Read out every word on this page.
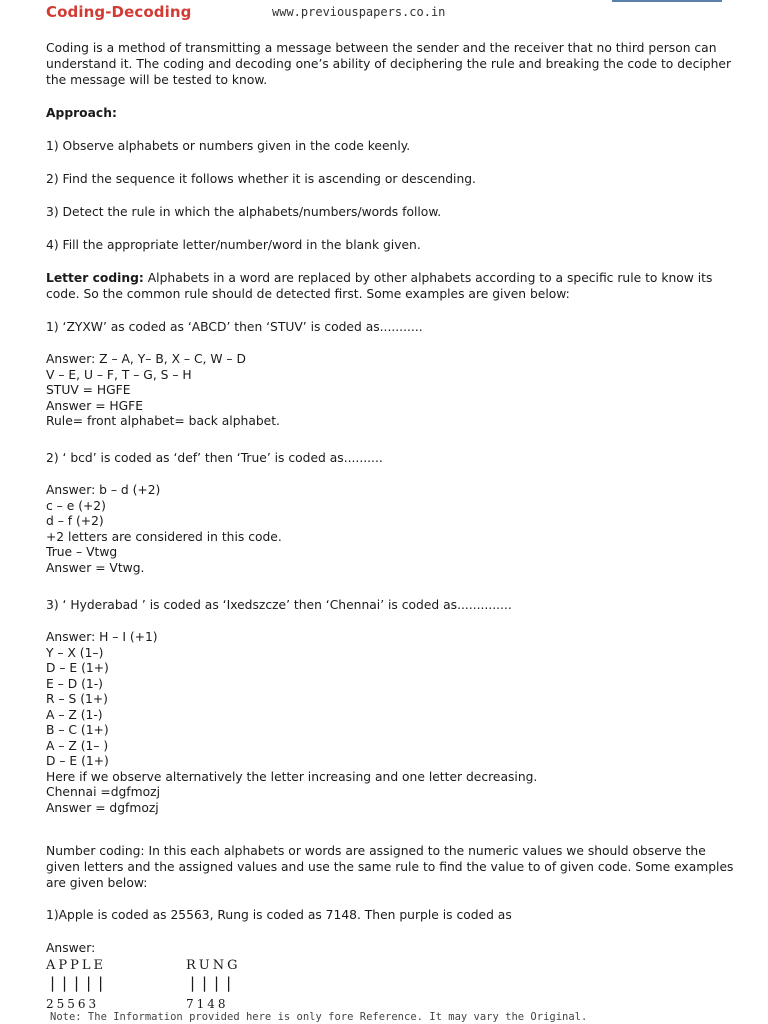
Coding-Decoding	www.previouspapers.co.in
Coding is a method of transmitting a message between the sender and the receiver that no third person can understand it. The coding and decoding one’s ability of deciphering the rule and breaking the code to decipher the message will be tested to know.
Approach:
1) Observe alphabets or numbers given in the code keenly.
2) Find the sequence it follows whether it is ascending or descending.
3) Detect the rule in which the alphabets/numbers/words follow.
4) Fill the appropriate letter/number/word in the blank given.
Letter coding: Alphabets in a word are replaced by other alphabets according to a specific rule to know its code. So the common rule should de detected first. Some examples are given below:
1) ‘ZYXW’ as coded as ‘ABCD’ then ‘STUV’ is coded as...........
Answer: Z – A, Y– B, X – C, W – D
V – E, U – F, T – G, S – H
STUV = HGFE
Answer = HGFE
Rule= front alphabet= back alphabet.
2) ‘ bcd’ is coded as ‘def’ then ‘True’ is coded as..........
Answer: b – d (+2)
c – e (+2)
d – f (+2)
+2 letters are considered in this code.
True – Vtwg
Answer = Vtwg.
3) ‘ Hyderabad ’ is coded as ‘Ixedszcze’ then ‘Chennai’ is coded as..............
Answer: H – I (+1)
Y – X (1–)
D – E (1+)
E – D (1-)
R – S (1+)
A – Z (1-)
B – C (1+)
A – Z (1– )
D – E (1+)
Here if we observe alternatively the letter increasing and one letter decreasing.
Chennai =dgfmozj
Answer = dgfmozj
Number coding: In this each alphabets or words are assigned to the numeric values we should observe the given letters and the assigned values and use the same rule to find the value to of given code. Some examples are given below:
1)Apple is coded as 25563, Rung is coded as 7148. Then purple is coded as
Answer:
APPLE
|||||
25563
RUNG
||||
7148
Note: The Information provided here is only fore Reference. It may vary the Original.
